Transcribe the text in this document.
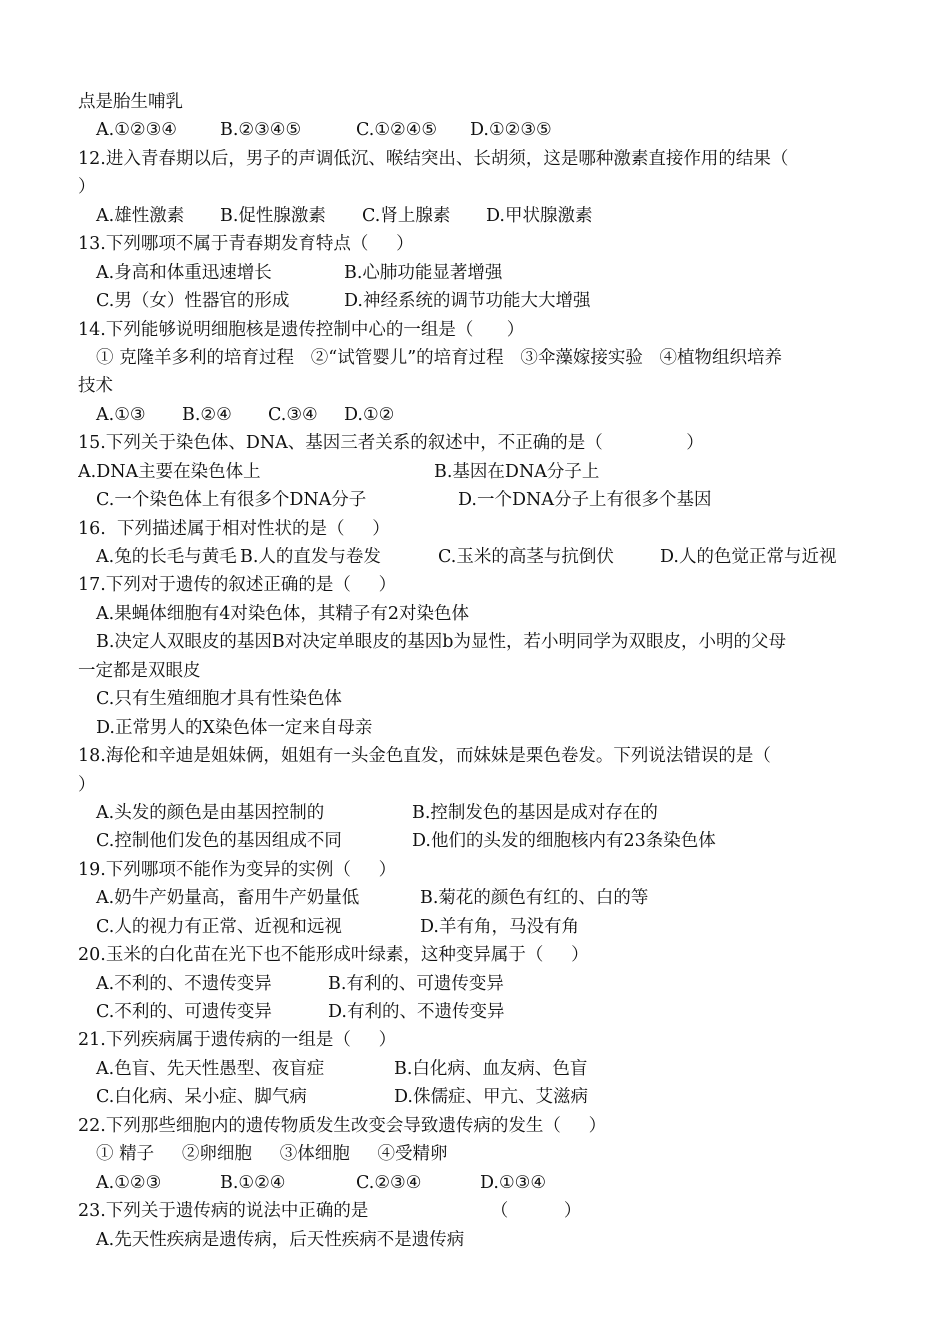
点是胎生哺乳
A.①②③④ B.②③④⑤	C.①②④⑤ D.①②③⑤
12.进入青春期以后，男子的声调低沉、喉结突出、长胡须，这是哪种激素直接作用的结果（
）
A.雄性激素 B.促性腺激素 C.肾上腺素 D.甲状腺激素
13.下列哪项不属于青春期发育特点（     ）
A.身高和体重迅速增长	B.心肺功能显著增强
C.男（女）性器官的形成	D.神经系统的调节功能大大增强
14.下列能够说明细胞核是遗传控制中心的一组是（      ）
① 克隆羊多利的培育过程   ②“试管婴儿”的培育过程   ③伞藻嫁接实验   ④植物组织培养
技术
A.①③ B.②④ C.③④ D.①②
15.下列关于染色体、DNA、基因三者关系的叙述中，不正确的是（               ）
A.DNA主要在染色体上	B.基因在DNA分子上
C.一个染色体上有很多个DNA分子	D.一个DNA分子上有很多个基因
16.  下列描述属于相对性状的是（     ）
A.兔的长毛与黄毛 B.人的直发与卷发	C.玉米的高茎与抗倒伏	D.人的色觉正常与近视
17.下列对于遗传的叙述正确的是（     ）
A.果蝇体细胞有4对染色体，其精子有2对染色体
B.决定人双眼皮的基因B对决定单眼皮的基因b为显性，若小明同学为双眼皮，小明的父母
一定都是双眼皮
C.只有生殖细胞才具有性染色体
D.正常男人的X染色体一定来自母亲
18.海伦和辛迪是姐妹俩，姐姐有一头金色直发，而妹妹是栗色卷发。下列说法错误的是（
）
A.头发的颜色是由基因控制的	B.控制发色的基因是成对存在的
C.控制他们发色的基因组成不同	D.他们的头发的细胞核内有23条染色体
19.下列哪项不能作为变异的实例（     ）
A.奶牛产奶量高，畜用牛产奶量低	B.菊花的颜色有红的、白的等
C.人的视力有正常、近视和远视	D.羊有角，马没有角
20.玉米的白化苗在光下也不能形成叶绿素，这种变异属于（     ）
A.不利的、不遗传变异	B.有利的、可遗传变异
C.不利的、可遗传变异	D.有利的、不遗传变异
21.下列疾病属于遗传病的一组是（     ）
A.色盲、先天性愚型、夜盲症	B.白化病、血友病、色盲
C.白化病、呆小症、脚气病	D.侏儒症、甲亢、艾滋病
22.下列那些细胞内的遗传物质发生改变会导致遗传病的发生（     ）
① 精子     ②卵细胞     ③体细胞     ④受精卵
A.①②③	B.①②④	C.②③④	D.①③④
23.下列关于遗传病的说法中正确的是                      （          ）
A.先天性疾病是遗传病，后天性疾病不是遗传病
